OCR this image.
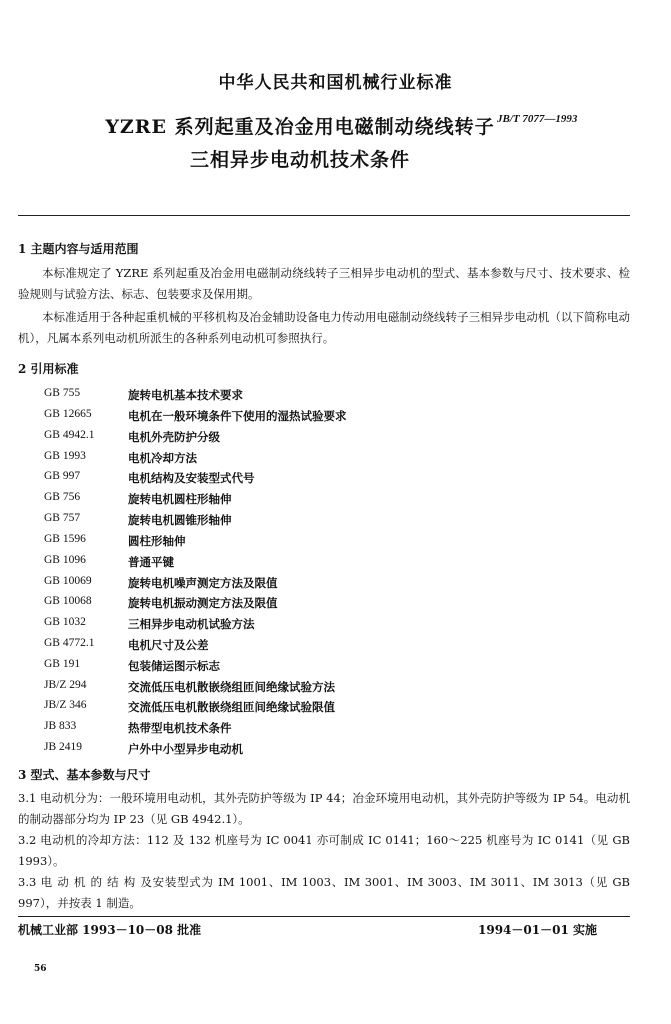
中华人民共和国机械行业标准
YZRE 系列起重及冶金用电磁制动绕线转子 JB/T 7077—1993
三相异步电动机技术条件
1 主题内容与适用范围
本标准规定了 YZRE 系列起重及冶金用电磁制动绕线转子三相异步电动机的型式、基本参数与尺寸、技术要求、检验规则与试验方法、标志、包装要求及保用期。
本标准适用于各种起重机械的平移机构及冶金辅助设备电力传动用电磁制动绕线转子三相异步电动机（以下简称电动机），凡属本系列电动机所派生的各种系列电动机可参照执行。
2 引用标准
GB 755	旋转电机基本技术要求
GB 12665	电机在一般环境条件下使用的湿热试验要求
GB 4942.1	电机外壳防护分级
GB 1993	电机冷却方法
GB 997	电机结构及安装型式代号
GB 756	旋转电机圆柱形轴伸
GB 757	旋转电机圆锥形轴伸
GB 1596	圆柱形轴伸
GB 1096	普通平键
GB 10069	旋转电机噪声测定方法及限值
GB 10068	旋转电机振动测定方法及限值
GB 1032	三相异步电动机试验方法
GB 4772.1	电机尺寸及公差
GB 191	包装储运图示标志
JB/Z 294	交流低压电机散嵌绕组匝间绝缘试验方法
JB/Z 346	交流低压电机散嵌绕组匝间绝缘试验限值
JB 833	热带型电机技术条件
JB 2419	户外中小型异步电动机
3 型式、基本参数与尺寸
3.1 电动机分为：一般环境用电动机，其外壳防护等级为 IP 44；冶金环境用电动机，其外壳防护等级为 IP 54。电动机的制动器部分均为 IP 23（见 GB 4942.1）。
3.2 电动机的冷却方法：112 及 132 机座号为 IC 0041 亦可制成 IC 0141；160～225 机座号为 IC 0141（见 GB 1993）。
3.3 电 动 机 的 结 构 及安装型式为 IM 1001、IM 1003、IM 3001、IM 3003、IM 3011、IM 3013（见 GB 997），并按表 1 制造。
机械工业部 1993－10－08 批准	1994－01－01 实施
56
